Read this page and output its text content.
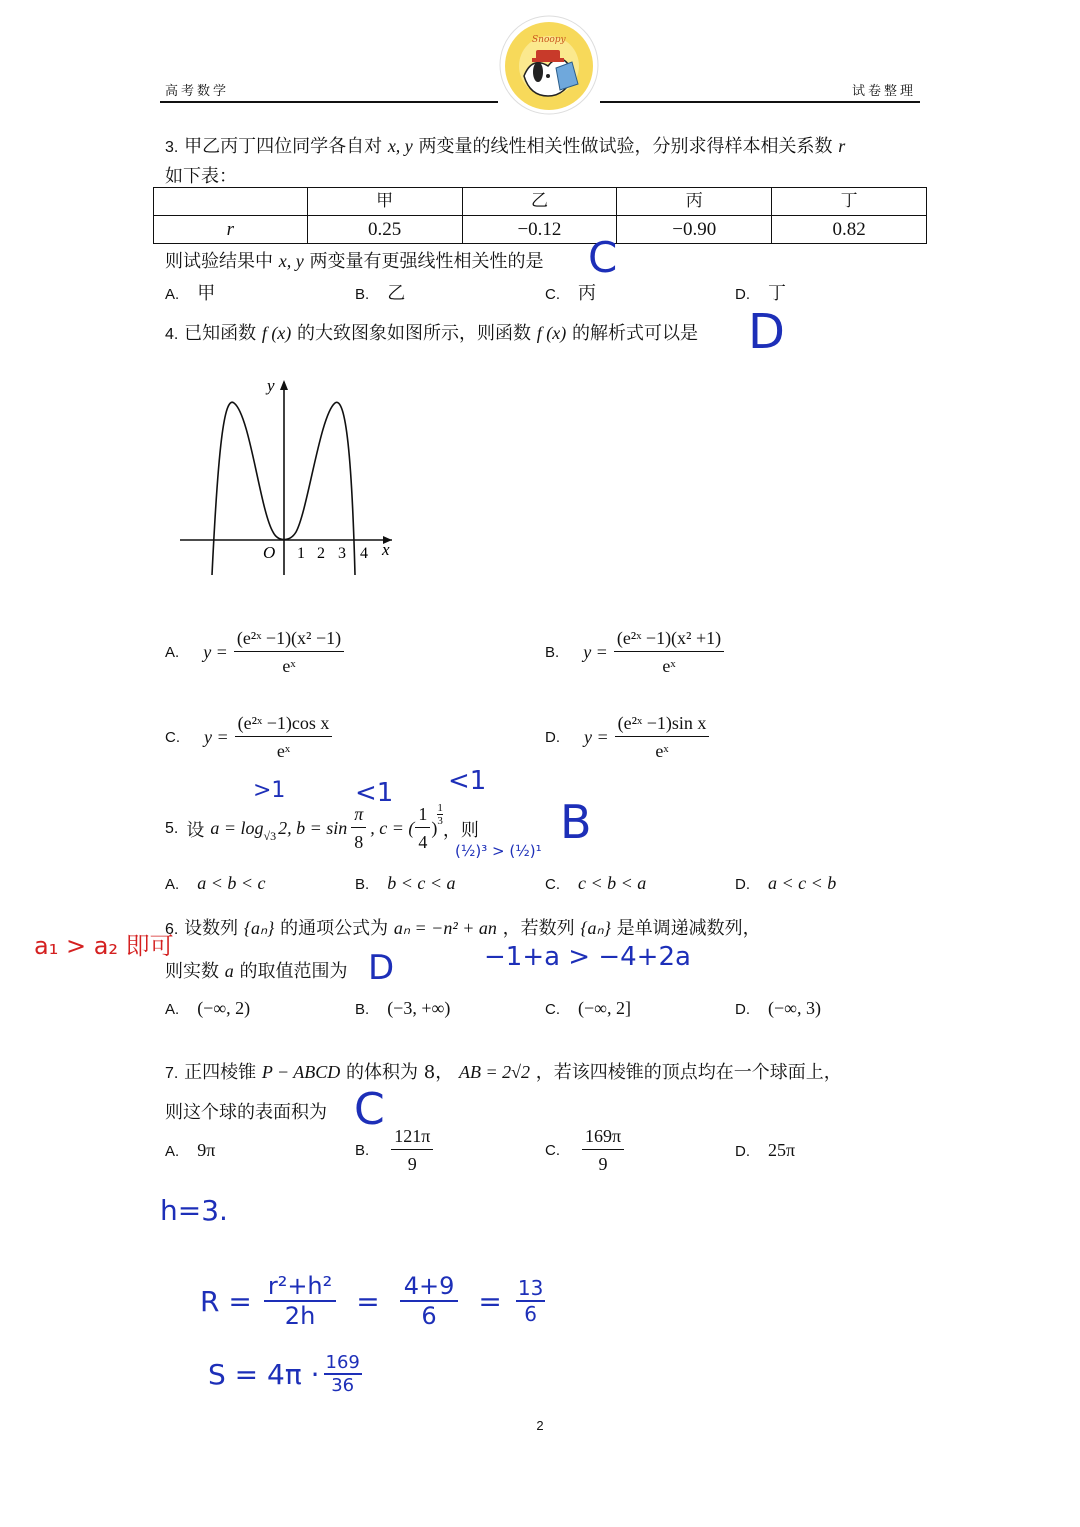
高考数学	试卷整理
Snoopy
3. 甲乙丙丁四位同学各自对 x, y 两变量的线性相关性做试验，分别求得样本相关系数 r
如下表：
	甲	乙	丙	丁
r	0.25	−0.12	−0.90	0.82
则试验结果中 x, y 两变量有更强线性相关性的是
A. 甲	B. 乙	C. 丙	D. 丁
4. 已知函数 f (x) 的大致图象如图所示，则函数 f (x) 的解析式可以是
y
x
O 1 2 3 4
A. $y = \frac{\text{(e²ˣ −1)(x² −1)}}{\text{eˣ}}$	B. $y = \frac{\text{(e²ˣ −1)(x² +1)}}{\text{eˣ}}$
C. $y = \frac{\text{(e²ˣ −1)cos x}}{\text{eˣ}}$	D. $y = \frac{\text{(e²ˣ −1)sin x}}{\text{eˣ}}$
5. 设 a = log √3 2, $b = \sin \frac{\pi}{8}$ , c = ( $\frac{1}{4}$ )
$\frac{1}{3}$
，则
A. a < b < c	B. b < c < a	C. c < b < a	D. a < c < b
6. 设数列 {aₙ} 的通项公式为 aₙ = −n² + an ，若数列 {aₙ} 是单调递减数列，
则实数 a 的取值范围为
A. (−∞, 2)	B. (−3, +∞)	C. (−∞, 2]	D. (−∞, 3)
7. 正四棱锥 P − ABCD 的体积为 8， AB = 2√2 ，若该四棱锥的顶点均在一个球面上，
则这个球的表面积为
A. 9π	B. $\frac{121\pi}{9}$	C. $\frac{169\pi}{9}$	D. 25π
C
D
>1	<1 <1
(½)³ > (½)¹
B
a₁ > a₂ 即可
D	−1+a > −4+2a
C
h=3.
$R = \frac{\text{r²+h²}}{2h} = \frac{4+9}{6} = \frac{13}{6}$
$S = 4\pi \cdot \frac{169}{36}$
2
